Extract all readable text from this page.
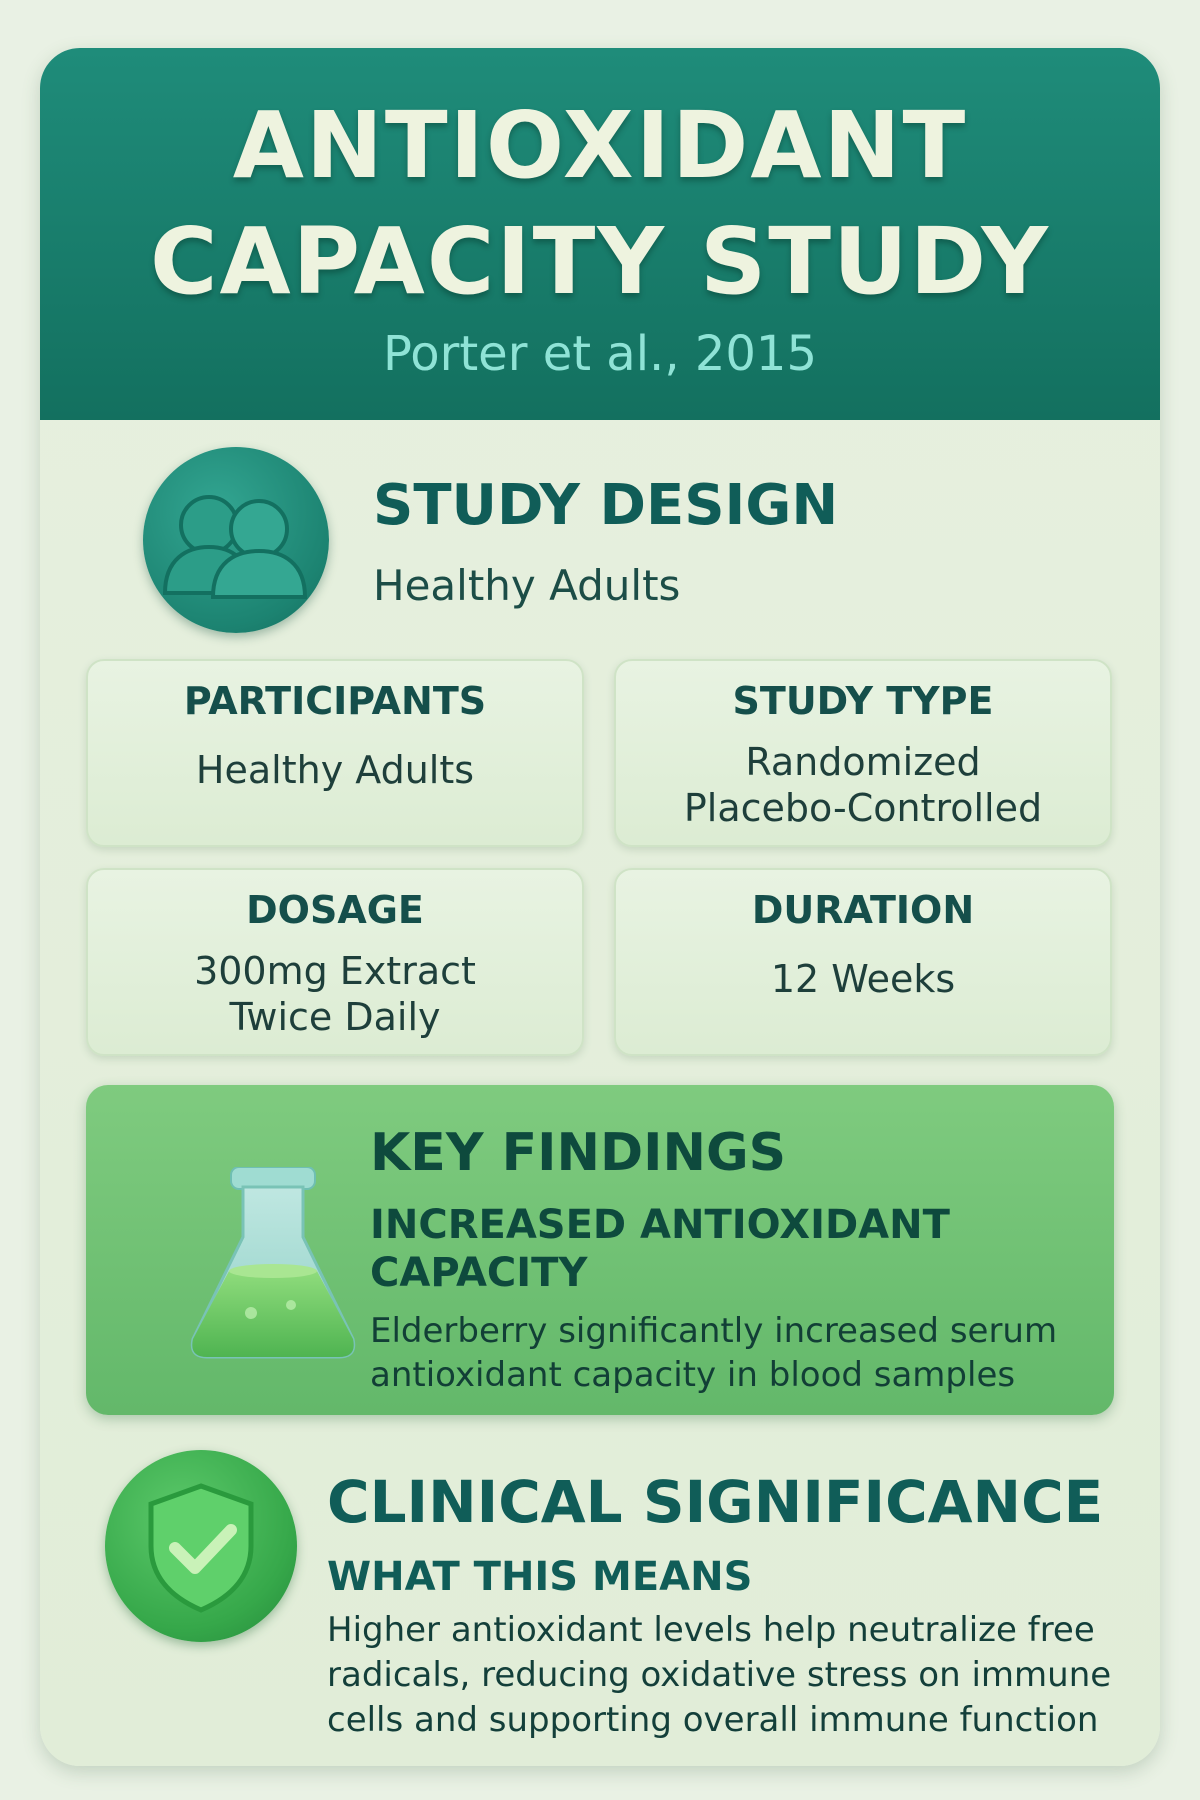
ANTIOXIDANT
CAPACITY STUDY
Porter et al., 2015
STUDY DESIGN
Healthy Adults
PARTICIPANTS
Healthy Adults
STUDY TYPE
Randomized
Placebo-Controlled
DOSAGE
300mg Extract
Twice Daily
DURATION
12 Weeks
KEY FINDINGS
INCREASED ANTIOXIDANT
CAPACITY
Elderberry significantly increased serum
antioxidant capacity in blood samples
CLINICAL SIGNIFICANCE
WHAT THIS MEANS
Higher antioxidant levels help neutralize free
radicals, reducing oxidative stress on immune
cells and supporting overall immune function
